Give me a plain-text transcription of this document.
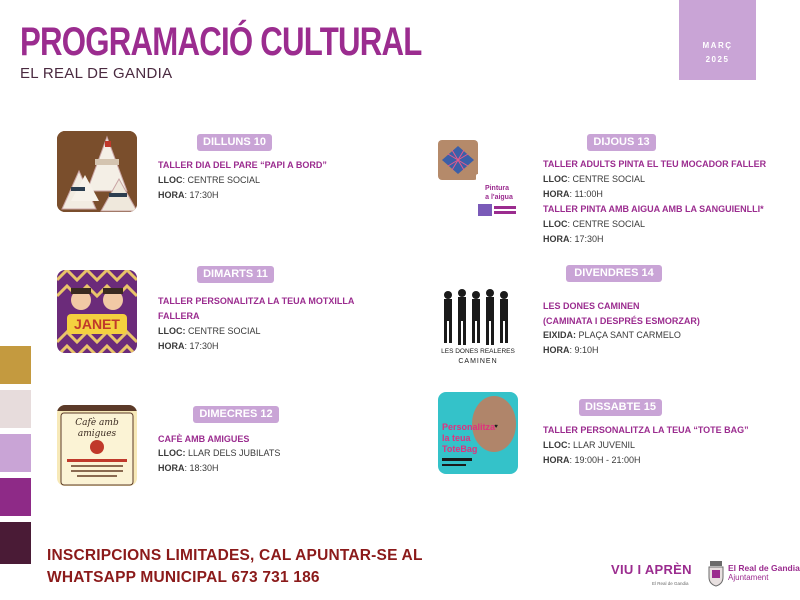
PROGRAMACIÓ CULTURAL
EL REAL DE GANDIA
MARÇ
2025
DILLUNS 10
TALLER DIA DEL PARE “PAPI A BORD”
LLOC: CENTRE SOCIAL
HORA: 17:30H
JANET
DIMARTS 11
TALLER PERSONALITZA LA TEUA MOTXILLA
FALLERA
LLOC: CENTRE SOCIAL
HORA: 17:30H
Cafè amb
amigues
DIMECRES 12
CAFÈ AMB AMIGUES
LLOC: LLAR DELS JUBILATS
HORA: 18:30H
Pintura
a l'aigua
DIJOUS 13
TALLER ADULTS PINTA EL TEU MOCADOR FALLER
LLOC: CENTRE SOCIAL
HORA: 11:00H
TALLER PINTA AMB AIGUA AMB LA SANGUIENLLI*
LLOC: CENTRE SOCIAL
HORA: 17:30H
LES DONES REALERES
CAMINEN
DIVENDRES 14
LES DONES CAMINEN
(CAMINATA I DESPRÉS ESMORZAR)
EIXIDA: PLAÇA SANT CARMELO
HORA: 9:10H
♥
Personalitza
la teua
ToteBag
DISSABTE 15
TALLER PERSONALITZA LA TEUA “TOTE BAG”
LLOC: LLAR JUVENIL
HORA: 19:00H - 21:00H
INSCRIPCIONS LIMITADES, CAL APUNTAR-SE AL
WHATSAPP MUNICIPAL 673 731 186	VIU I APRÈN
El Real de Gandia
El Real de Gandia
Ajuntament
